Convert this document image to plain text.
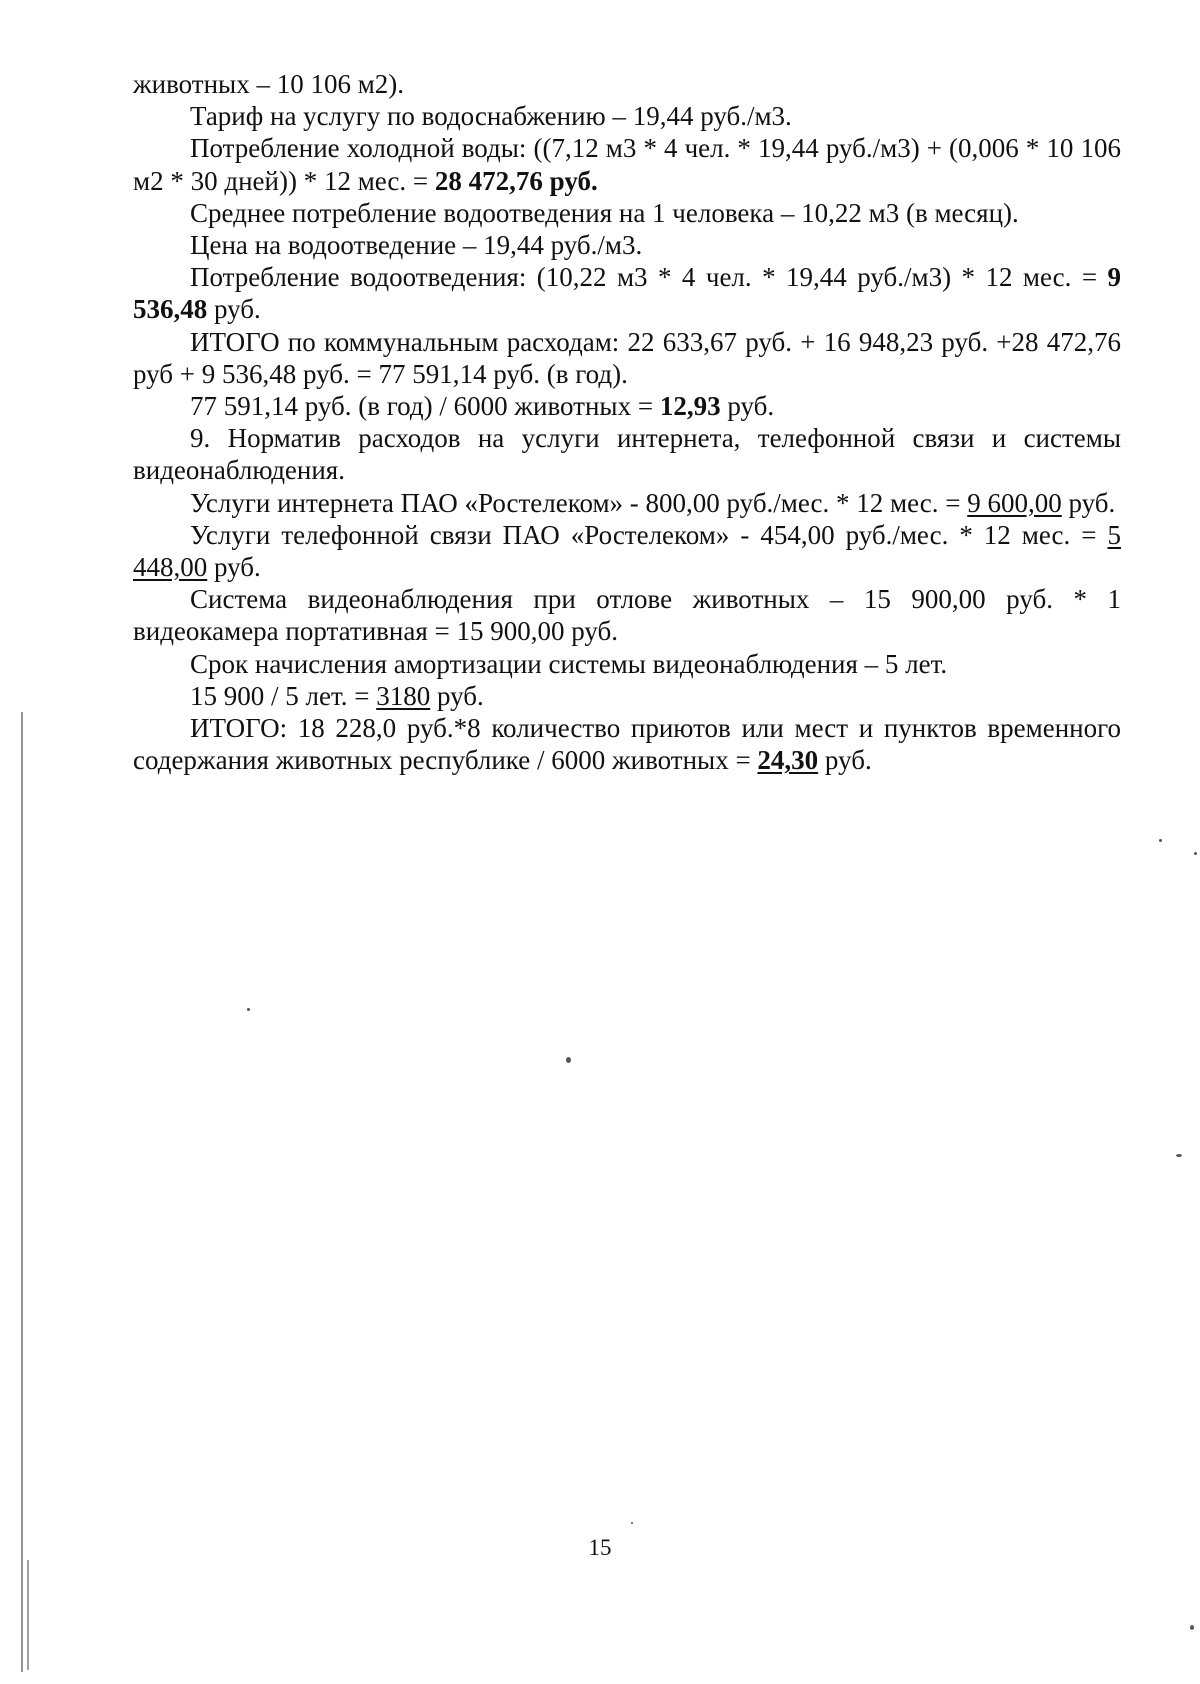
животных – 10 106 м2).

Тариф на услугу по водоснабжению – 19,44 руб./м3.

Потребление холодной воды: ((7,12 м3 * 4 чел. * 19,44 руб./м3) + (0,006 * 10 106 м2 * 30 дней)) * 12 мес. = 28 472,76 руб.

Среднее потребление водоотведения на 1 человека – 10,22 м3 (в месяц).

Цена на водоотведение – 19,44 руб./м3.

Потребление водоотведения: (10,22 м3 * 4 чел. * 19,44 руб./м3) * 12 мес. = 9 536,48 руб.

ИТОГО по коммунальным расходам: 22 633,67 руб. + 16 948,23 руб. +28 472,76 руб + 9 536,48 руб. = 77 591,14 руб. (в год).

77 591,14 руб. (в год) / 6000 животных = 12,93 руб.

9. Норматив расходов на услуги интернета, телефонной связи и системы видеонаблюдения.

Услуги интернета ПАО «Ростелеком» - 800,00 руб./мес. * 12 мес. = 9 600,00 руб.

Услуги телефонной связи ПАО «Ростелеком» - 454,00 руб./мес. * 12 мес. = 5 448,00 руб.

Система видеонаблюдения при отлове животных – 15 900,00 руб. * 1 видеокамера портативная = 15 900,00 руб.

Срок начисления амортизации системы видеонаблюдения – 5 лет.

15 900 / 5 лет. = 3180 руб.

ИТОГО: 18 228,0 руб.*8 количество приютов или мест и пунктов временного содержания животных республике / 6000 животных = 24,30 руб.

15
